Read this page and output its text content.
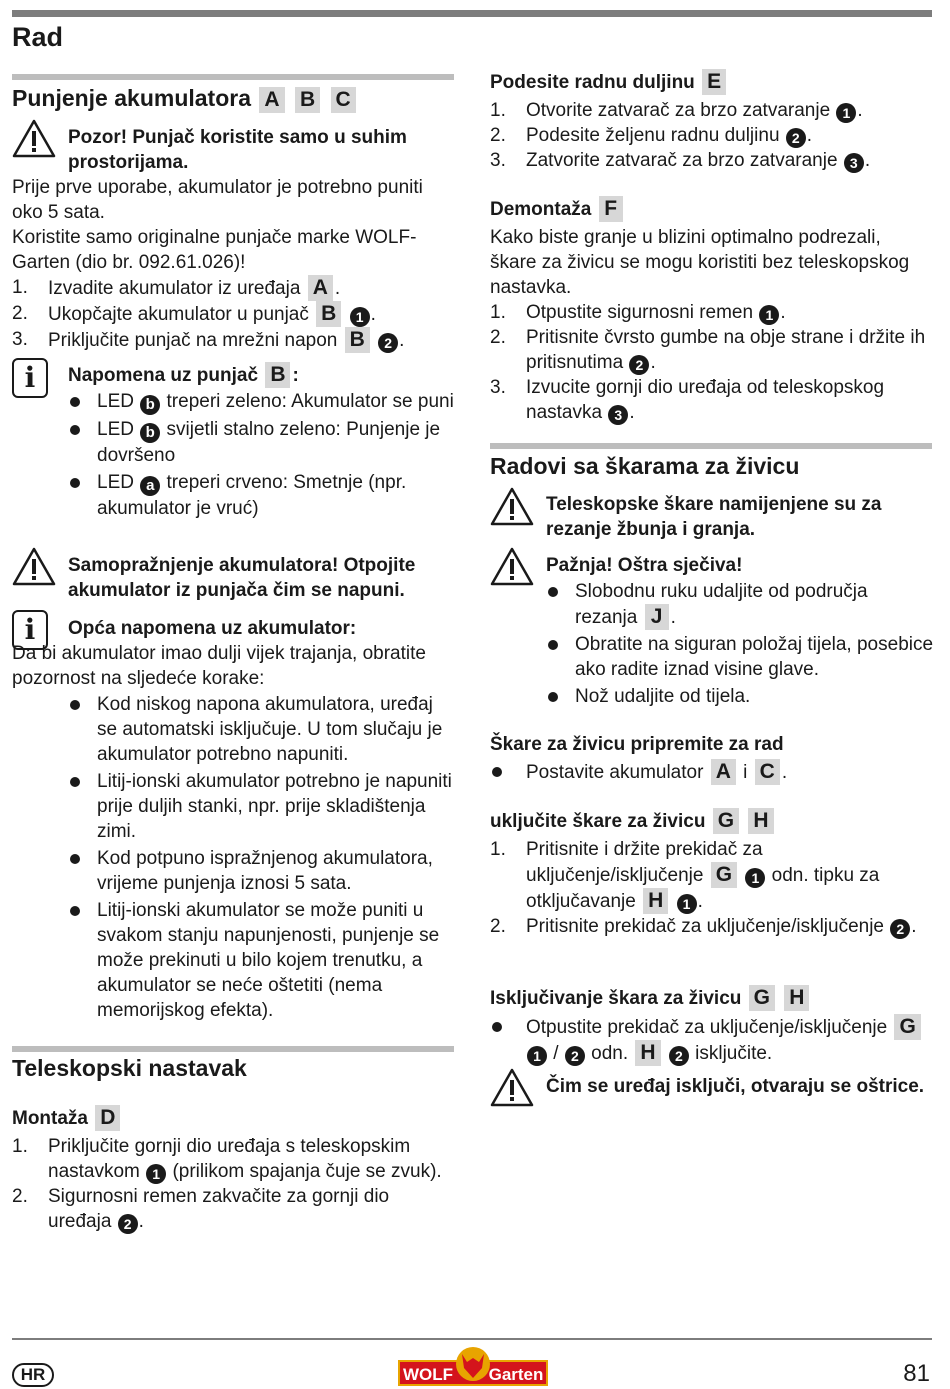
Rad
Punjenje akumulatora A B C
Pozor! Punjač koristite samo u suhim prostorijama.
Prije prve uporabe, akumulator je potrebno puniti oko 5 sata.
Koristite samo originalne punjače marke WOLF-Garten (dio br. 092.61.026)!
1. Izvadite akumulator iz uređaja A .
2. Ukopčajte akumulator u punjač B 1 .
3. Priključite punjač na mrežni napon B 2 .
i	Napomena uz punjač B :
LED b treperi zeleno: Akumulator se puni
LED b svijetli stalno zeleno: Punjenje je dovršeno
LED a treperi crveno: Smetnje (npr. akumulator je vruć)
Samopražnjenje akumulatora! Otpojite akumulator iz punjača čim se napuni.
i	Opća napomena uz akumulator:
Da bi akumulator imao dulji vijek trajanja, obratite pozornost na sljedeće korake:
Kod niskog napona akumulatora, uređaj se automatski isključuje. U tom slučaju je akumulator potrebno napuniti.
Litij-ionski akumulator potrebno je napuniti prije duljih stanki, npr. prije skladištenja zimi.
Kod potpuno ispražnjenog akumulatora, vrijeme punjenja iznosi 5 sata.
Litij-ionski akumulator se može puniti u svakom stanju napunjenosti, punjenje se može prekinuti u bilo kojem trenutku, a akumulator se neće oštetiti (nema memorijskog efekta).
Teleskopski nastavak
Montaža D
1. Priključite gornji dio uređaja s teleskopskim nastavkom 1 (prilikom spajanja čuje se zvuk).
2. Sigurnosni remen zakvačite za gornji dio uređaja 2 .
Podesite radnu duljinu E
1. Otvorite zatvarač za brzo zatvaranje 1 .
2. Podesite željenu radnu duljinu 2 .
3. Zatvorite zatvarač za brzo zatvaranje 3 .
Demontaža F
Kako biste granje u blizini optimalno podrezali, škare za živicu se mogu koristiti bez teleskopskog nastavka.
1. Otpustite sigurnosni remen 1 .
2. Pritisnite čvrsto gumbe na obje strane i držite ih pritisnutima 2 .
3. Izvucite gornji dio uređaja od teleskopskog nastavka 3 .
Radovi sa škarama za živicu
Teleskopske škare namijenjene su za rezanje žbunja i granja.
Pažnja! Oštra sječiva!
Slobodnu ruku udaljite od područja rezanja J .
Obratite na siguran položaj tijela, posebice ako radite iznad visine glave.
Nož udaljite od tijela.
Škare za živicu pripremite za rad
Postavite akumulator A i C .
uključite škare za živicu G H
1. Pritisnite i držite prekidač za uključenje/isključenje G 1 odn. tipku za otključavanje H 1 .
2. Pritisnite prekidač za uključenje/isključenje 2 .
Isključivanje škara za živicu G H
Otpustite prekidač za uključenje/isključenje G 1 / 2 odn. H 2 isključite.
Čim se uređaj isključi, otvaraju se oštrice.
HR	WOLF Garten	81
